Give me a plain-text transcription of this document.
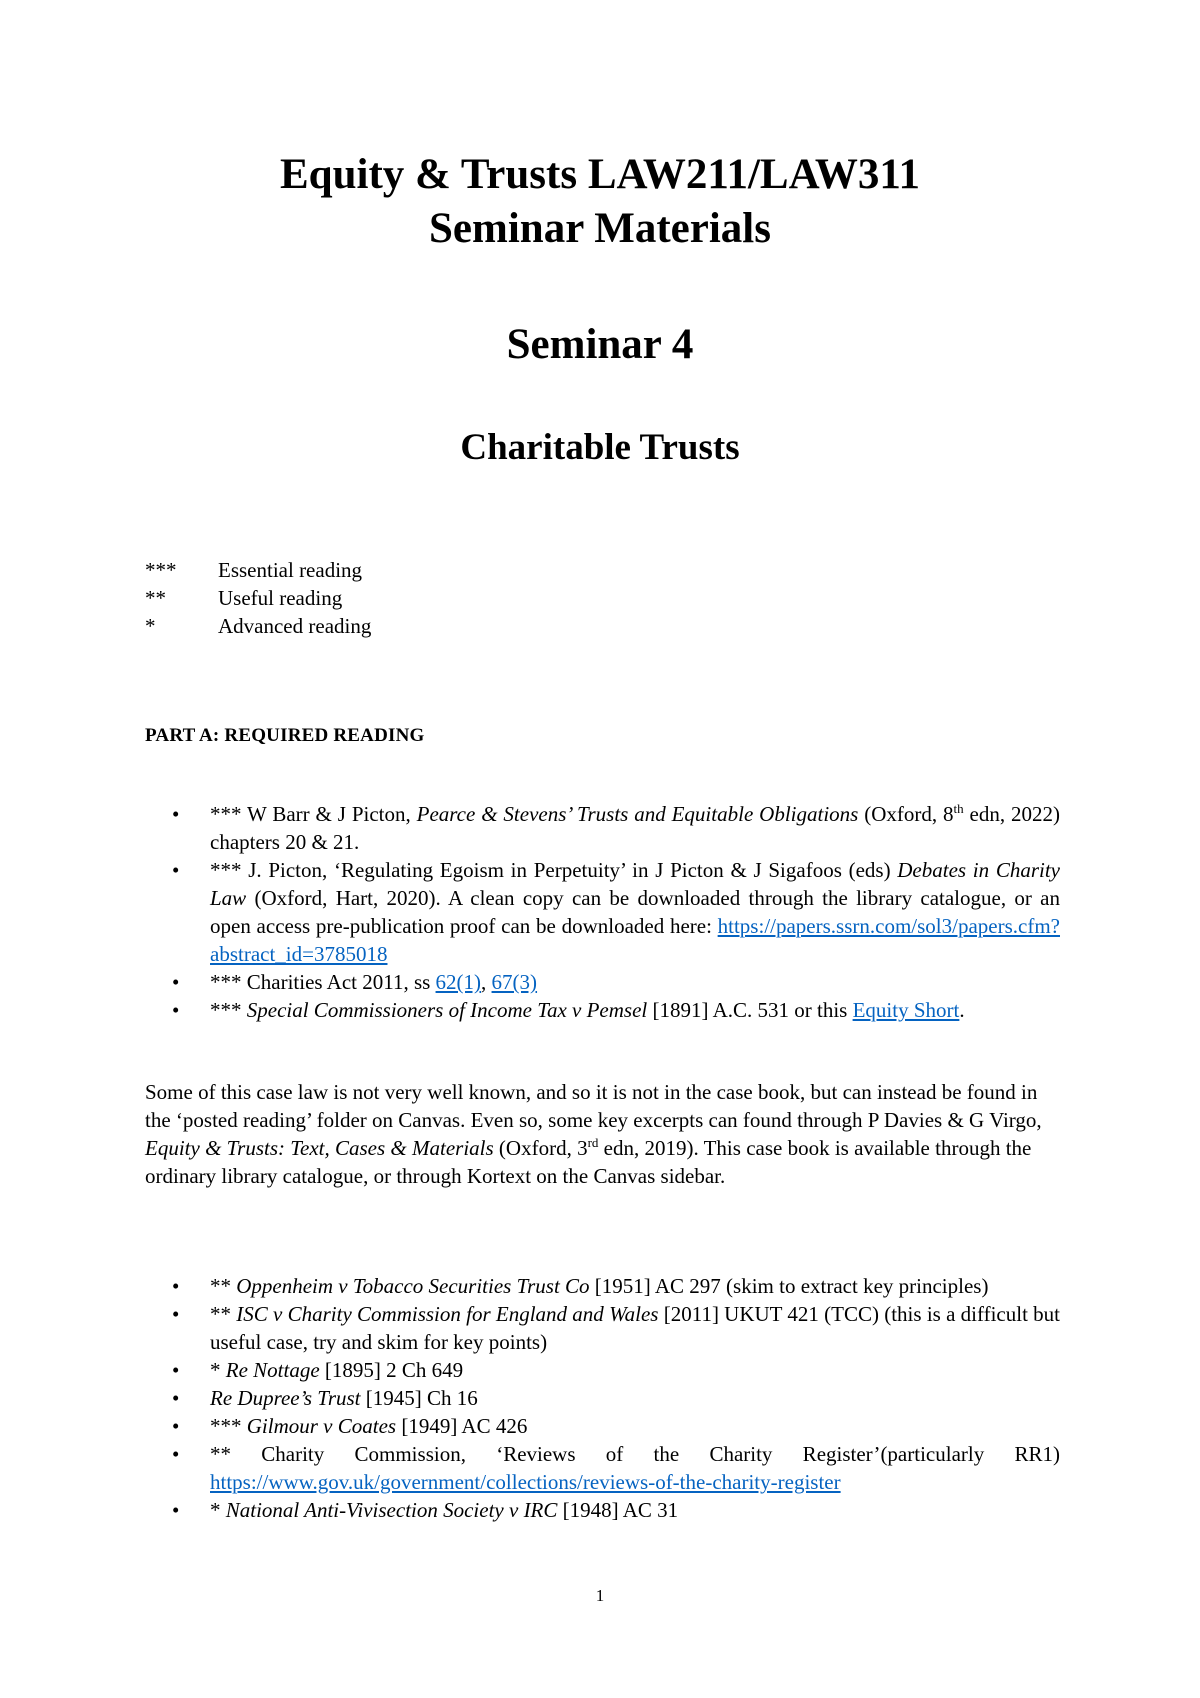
Equity & Trusts LAW211/LAW311

Seminar Materials

Seminar 4
Charitable Trusts
***	Essential reading
**	Useful reading
*	Advanced reading
PART A: REQUIRED READING
•	*** W Barr & J Picton, Pearce & Stevens’ Trusts and Equitable Obligations (Oxford, 8th edn, 2022) chapters 20 & 21.
•	*** J. Picton, ‘Regulating Egoism in Perpetuity’ in J Picton & J Sigafoos (eds) Debates in Charity Law (Oxford, Hart, 2020). A clean copy can be downloaded through the library catalogue, or an open access pre-publication proof can be downloaded here: https://papers.ssrn.com/sol3/papers.cfm?abstract_id=3785018
•	*** Charities Act 2011, ss 62(1), 67(3)
•	*** Special Commissioners of Income Tax v Pemsel [1891] A.C. 531 or this Equity Short.
Some of this case law is not very well known, and so it is not in the case book, but can instead be found in the ‘posted reading’ folder on Canvas. Even so, some key excerpts can found through P Davies & G Virgo, Equity & Trusts: Text, Cases & Materials (Oxford, 3rd edn, 2019). This case book is available through the ordinary library catalogue, or through Kortext on the Canvas sidebar.
•	** Oppenheim v Tobacco Securities Trust Co [1951] AC 297 (skim to extract key principles)
•	** ISC v Charity Commission for England and Wales [2011] UKUT 421 (TCC) (this is a difficult but useful case, try and skim for key points)
•	* Re Nottage [1895] 2 Ch 649
•	Re Dupree’s Trust [1945] Ch 16
•	*** Gilmour v Coates [1949] AC 426
•	** Charity Commission, ‘Reviews of the Charity Register’(particularly RR1) https://www.gov.uk/government/collections/reviews-of-the-charity-register
•	* National Anti-Vivisection Society v IRC [1948] AC 31
1
